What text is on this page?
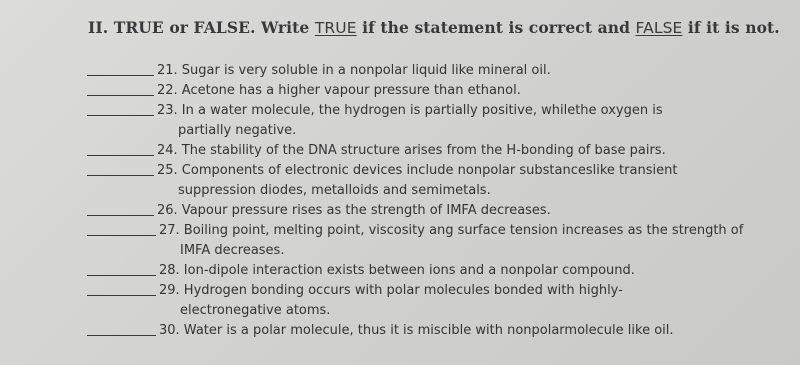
II. TRUE or FALSE. Write TRUE if the statement is correct and FALSE if it is not.
21. Sugar is very soluble in a nonpolar liquid like mineral oil.
22. Acetone has a higher vapour pressure than ethanol.
23. In a water molecule, the hydrogen is partially positive, whilethe oxygen is
partially negative.
24. The stability of the DNA structure arises from the H-bonding of base pairs.
25. Components of electronic devices include nonpolar substanceslike transient
suppression diodes, metalloids and semimetals.
26. Vapour pressure rises as the strength of IMFA decreases.
27. Boiling point, melting point, viscosity ang surface tension increases as the strength of
IMFA decreases.
28. Ion-dipole interaction exists between ions and a nonpolar compound.
29. Hydrogen bonding occurs with polar molecules bonded with highly-
electronegative atoms.
30. Water is a polar molecule, thus it is miscible with nonpolarmolecule like oil.
